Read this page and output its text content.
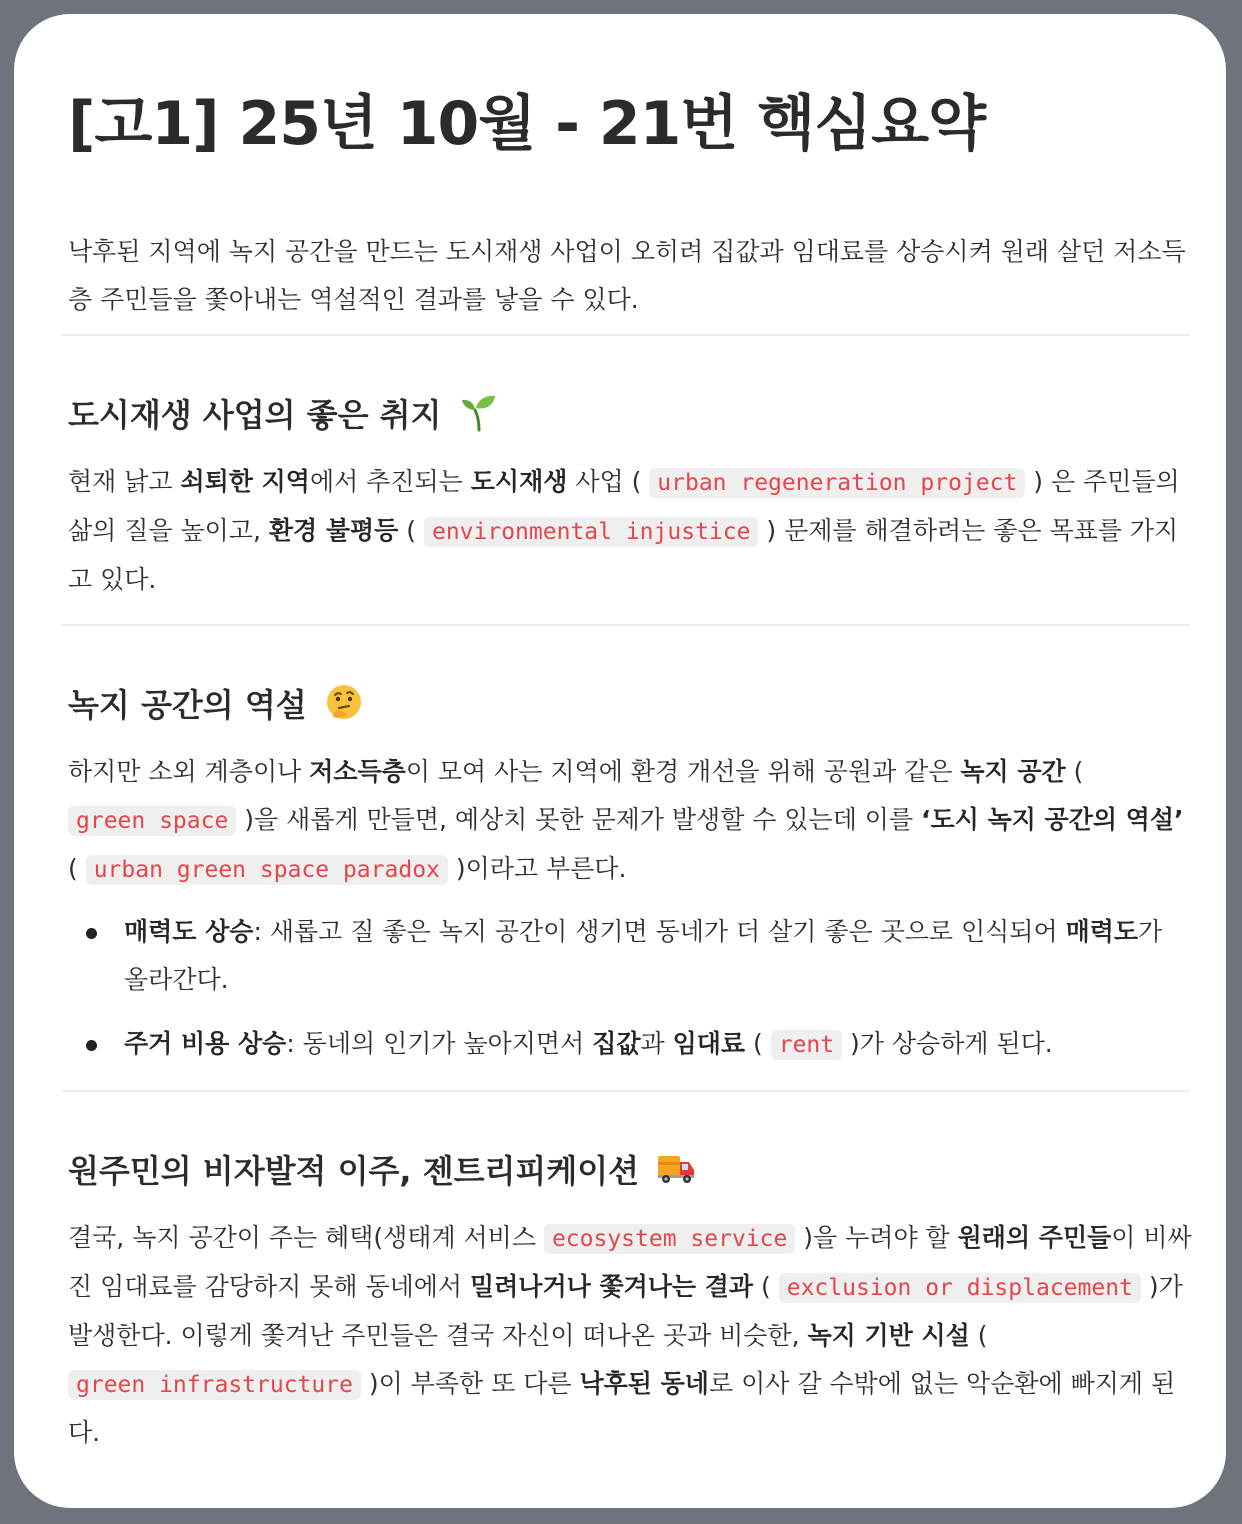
[고1] 25년 10월 - 21번 핵심요약

낙후된 지역에 녹지 공간을 만드는 도시재생 사업이 오히려 집값과 임대료를 상승시켜 원래 살던 저소득층 주민들을 쫓아내는 역설적인 결과를 낳을 수 있다.

도시재생 사업의 좋은 취지

현재 낡고 쇠퇴한 지역에서 추진되는 도시재생 사업 ( urban regeneration project ) 은 주민들의 삶의 질을 높이고, 환경 불평등 ( environmental injustice ) 문제를 해결하려는 좋은 목표를 가지고 있다.

녹지 공간의 역설

하지만 소외 계층이나 저소득층이 모여 사는 지역에 환경 개선을 위해 공원과 같은 녹지 공간 ( green space )을 새롭게 만들면, 예상치 못한 문제가 발생할 수 있는데 이를 ‘도시 녹지 공간의 역설’ ( urban green space paradox )이라고 부른다.

매력도 상승: 새롭고 질 좋은 녹지 공간이 생기면 동네가 더 살기 좋은 곳으로 인식되어 매력도가 올라간다.
주거 비용 상승: 동네의 인기가 높아지면서 집값과 임대료 ( rent )가 상승하게 된다.
원주민의 비자발적 이주, 젠트리피케이션

결국, 녹지 공간이 주는 혜택(생태계 서비스 ecosystem service )을 누려야 할 원래의 주민들이 비싸진 임대료를 감당하지 못해 동네에서 밀려나거나 쫓겨나는 결과 ( exclusion or displacement )가 발생한다. 이렇게 쫓겨난 주민들은 결국 자신이 떠나온 곳과 비슷한, 녹지 기반 시설 ( green infrastructure )이 부족한 또 다른 낙후된 동네로 이사 갈 수밖에 없는 악순환에 빠지게 된다.
